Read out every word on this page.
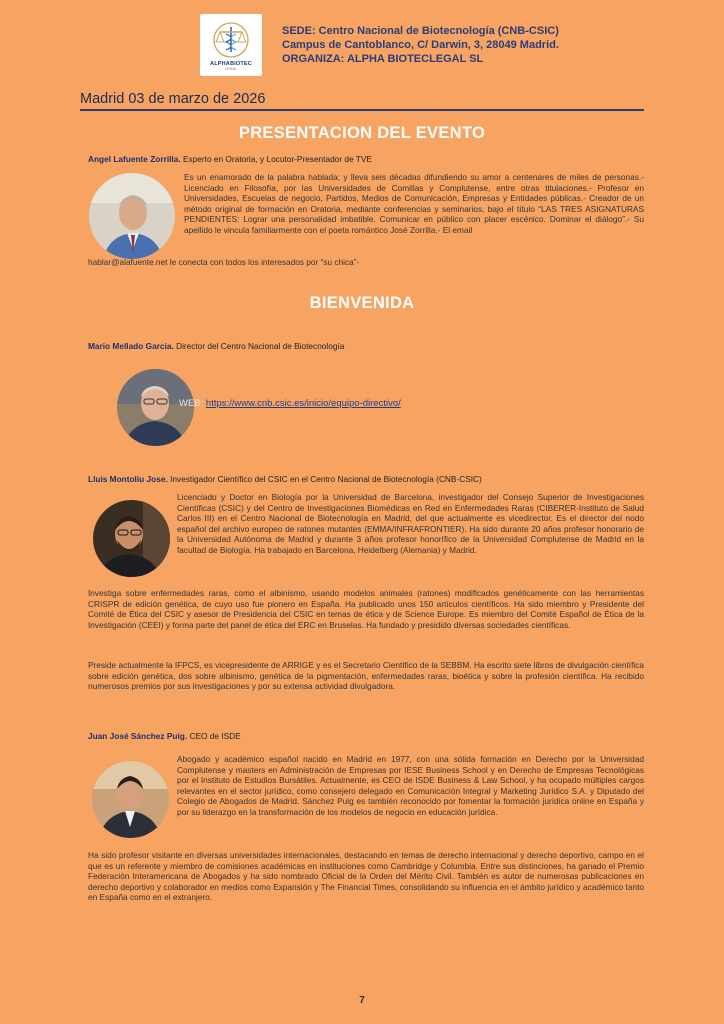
ALPHABIOTEC
LEGAL
SEDE: Centro Nacional de Biotecnología (CNB-CSIC)
Campus de Cantoblanco, C/ Darwin, 3, 28049 Madrid.
ORGANIZA: ALPHA BIOTECLEGAL SL
Madrid 03 de marzo de 2026
PRESENTACION DEL EVENTO
Angel Lafuente Zorrilla. Experto en Oratoria, y Locutor-Presentador de TVE

Es un enamorado de la palabra hablada; y lleva seis décadas difundiendo su amor a centenares de miles de personas.- Licenciado en Filosofía, por las Universidades de Comillas y Complutense, entre otras titulaciones.- Profesor en Universidades, Escuelas de negocio, Partidos, Medios de Comunicación, Empresas y Entidades públicas.- Creador de un método original de formación en Oratoria, mediante conferencias y seminarios, bajo el título “LAS TRES ASIGNATURAS PENDIENTES: Lograr una personalidad imbatible. Comunicar en público con placer escénico. Dominar el diálogo”.- Su apellido le vincula familiarmente con el poeta romántico José Zorrilla.- El email

hablar@alafuente.net le conecta con todos los interesados por “su chica”-

BIENVENIDA
Mario Mellado Garcia. Director del Centro Nacional de Biotecnología
WEB: https://www.cnb.csic.es/inicio/equipo-directivo/
Lluis Montoliu Jose. Investigador Científico del CSIC en el Centro Nacional de Biotecnología (CNB-CSIC)

Licenciado y Doctor en Biología por la Universidad de Barcelona, investigador del Consejo Superior de Investigaciones Científicas (CSIC) y del Centro de Investigaciones Biomédicas en Red en Enfermedades Raras (CIBERER-Instituto de Salud Carlos III) en el Centro Nacional de Biotecnología en Madrid, del que actualmente es vicedirector. Es el director del nodo español del archivo europeo de ratones mutantes (EMMA/INFRAFRONTIER). Ha sido durante 20 años profesor honorario de la Universidad Autónoma de Madrid y durante 3 años profesor honorífico de la Universidad Complutense de Madrid en la facultad de Biología. Ha trabajado en Barcelona, Heidelberg (Alemania) y Madrid.

Investiga sobre enfermedades raras, como el albinismo, usando modelos animales (ratones) modificados genéticamente con las herramientas CRISPR de edición genética, de cuyo uso fue pionero en España. Ha publicado unos 150 artículos científicos. Ha sido miembro y Presidente del Comité de Ética del CSIC y asesor de Presidencia del CSIC en temas de ética y de Science Europe. Es miembro del Comité Español de Ética de la Investigación (CEEI) y forma parte del panel de ética del ERC en Bruselas. Ha fundado y presidido diversas sociedades científicas.

Preside actualmente la IFPCS, es vicepresidente de ARRIGE y es el Secretario Científico de la SEBBM. Ha escrito siete libros de divulgación científica sobre edición genética, dos sobre albinismo, genética de la pigmentación, enfermedades raras, bioética y sobre la profesión científica. Ha recibido numerosos premios por sus investigaciones y por su extensa actividad divulgadora.

Juan José Sánchez Puig. CEO de ISDE

Abogado y académico español nacido en Madrid en 1977, con una sólida formación en Derecho por la Universidad Complutense y masters en Administración de Empresas por IESE Business School y en Derecho de Empresas Tecnológicas por el Instituto de Estudios Bursátiles. Actualmente, es CEO de ISDE Business & Law School, y ha ocupado múltiples cargos relevantes en el sector jurídico, como consejero delegado en Comunicación Integral y Marketing Jurídico S.A. y Diputado del Colegio de Abogados de Madrid. Sánchez Puig es también reconocido por fomentar la formación jurídica online en España y por su liderazgo en la transformación de los modelos de negocio en educación jurídica.

Ha sido profesor visitante en diversas universidades internacionales, destacando en temas de derecho internacional y derecho deportivo, campo en el que es un referente y miembro de comisiones académicas en instituciones como Cambridge y Columbia. Entre sus distinciones, ha ganado el Premio Federación Interamericana de Abogados y ha sido nombrado Oficial de la Orden del Mérito Civil. También es autor de numerosas publicaciones en derecho deportivo y colaborador en medios como Expansión y The Financial Times, consolidando su influencia en el ámbito jurídico y académico tanto en España como en el extranjero.

7
